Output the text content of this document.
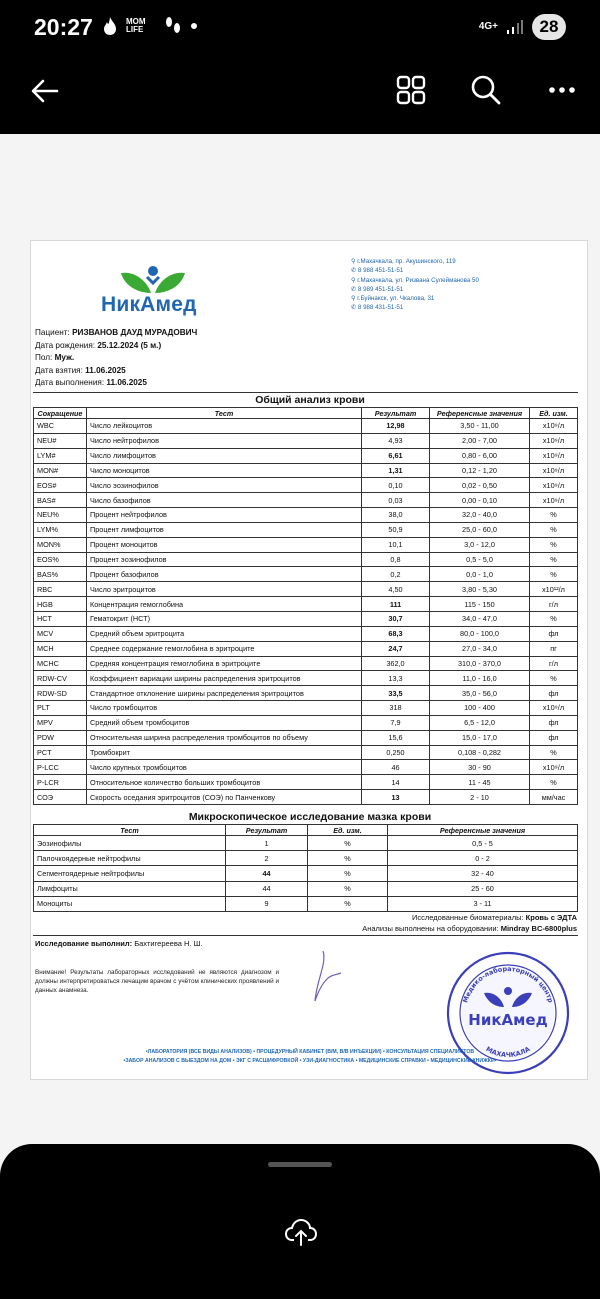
20:27	MOM LIFE	4G+	28
НикАмед
⚲ г.Махачкала, пр. Акушинского, 119
✆ 8 988 451-51-51
⚲ г.Махачкала, ул. Ризвана Сулейманова 50
✆ 8 989 451-51-51
⚲ г.Буйнакск, ул. Чкалова, 31
✆ 8 988 431-51-51
Пациент: РИЗВАНОВ ДАУД МУРАДОВИЧ
Дата рождения: 25.12.2024 (5 м.)
Пол: Муж.
Дата взятия: 11.06.2025
Дата выполнения: 11.06.2025
Общий анализ крови
Сокращение	Тест	Результат	Референсные значения	Ед. изм.
WBC	Число лейкоцитов	12,98	3,50 - 11,00	x10⁹/л
NEU#	Число нейтрофилов	4,93	2,00 - 7,00	x10⁹/л
LYM#	Число лимфоцитов	6,61	0,80 - 6,00	x10⁹/л
MON#	Число моноцитов	1,31	0,12 - 1,20	x10⁹/л
EOS#	Число эозинофилов	0,10	0,02 - 0,50	x10⁹/л
BAS#	Число базофилов	0,03	0,00 - 0,10	x10⁹/л
NEU%	Процент нейтрофилов	38,0	32,0 - 40,0	%
LYM%	Процент лимфоцитов	50,9	25,0 - 60,0	%
MON%	Процент моноцитов	10,1	3,0 - 12,0	%
EOS%	Процент эозинофилов	0,8	0,5 - 5,0	%
BAS%	Процент базофилов	0,2	0,0 - 1,0	%
RBC	Число эритроцитов	4,50	3,80 - 5,30	x10¹²/л
HGB	Концентрация гемоглобина	111	115 - 150	г/л
HCT	Гематокрит (НСТ)	30,7	34,0 - 47,0	%
MCV	Средний объем эритроцита	68,3	80,0 - 100,0	фл
MCH	Среднее содержание гемоглобина в эритроците	24,7	27,0 - 34,0	пг
MCHC	Средняя концентрация гемоглобина в эритроците	362,0	310,0 - 370,0	г/л
RDW-CV	Коэффициент вариации ширины распределения эритроцитов	13,3	11,0 - 16,0	%
RDW-SD	Стандартное отклонение ширины распределения эритроцитов	33,5	35,0 - 56,0	фл
PLT	Число тромбоцитов	318	100 - 400	x10⁹/л
MPV	Средний объем тромбоцитов	7,9	6,5 - 12,0	фл
PDW	Относительная ширина распределения тромбоцитов по объему	15,6	15,0 - 17,0	фл
PCT	Тромбокрит	0,250	0,108 - 0,282	%
P-LCC	Число крупных тромбоцитов	46	30 - 90	x10⁹/л
P-LCR	Относительное количество больших тромбоцитов	14	11 - 45	%
СОЭ	Скорость оседания эритроцитов (СОЭ) по Панченкову	13	2 - 10	мм/час
Микроскопическое исследование мазка крови
Тест	Результат	Ед. изм.	Референсные значения
Эозинофилы	1	%	0,5 - 5
Палочкоядерные нейтрофилы	2	%	0 - 2
Сегментоядерные нейтрофилы	44	%	32 - 40
Лимфоциты	44	%	25 - 60
Моноциты	9	%	3 - 11
Исследованные биоматериалы: Кровь с ЭДТА
Анализы выполнены на оборудовании: Mindray BC-6800plus
Исследование выполнил: Бахтигереева Н. Ш.
Внимание! Результаты лабораторных исследований не являются диагнозом и должны интерпретироваться лечащим врачом с учётом клинических проявлений и данных анамнеза.
Медико-лабораторный центр
МАХАЧКАЛА
НикАмед
•ЛАБОРАТОРИЯ (ВСЕ ВИДЫ АНАЛИЗОВ) • ПРОЦЕДУРНЫЙ КАБИНЕТ (В/М, В/В ИНЪЕКЦИИ) • КОНСУЛЬТАЦИЯ СПЕЦИАЛИСТОВ
•ЗАБОР АНАЛИЗОВ С ВЫЕЗДОМ НА ДОМ • ЭКГ С РАСШИФРОВКОЙ • УЗИ-ДИАГНОСТИКА • МЕДИЦИНСКИЕ СПРАВКИ • МЕДИЦИНСКИЕ КНИЖКИ•
